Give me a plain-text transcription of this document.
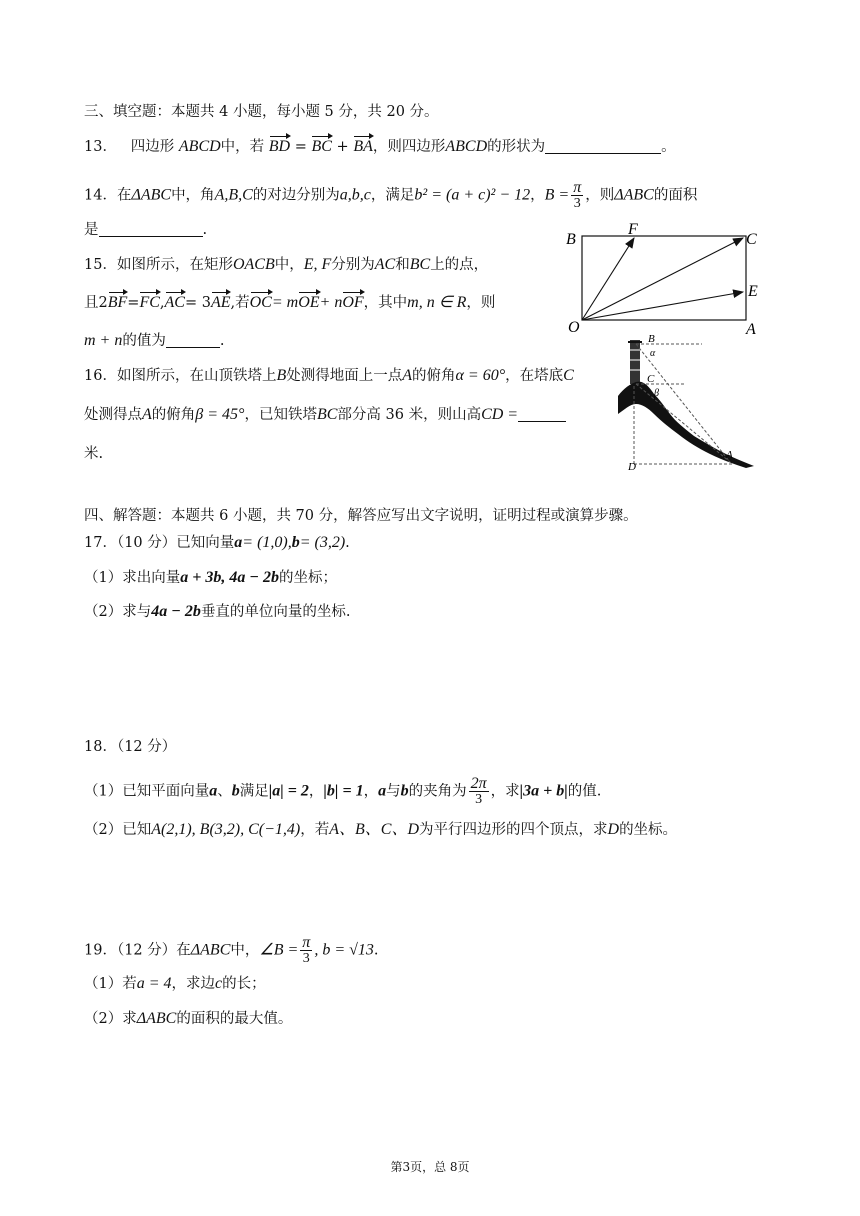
三、填空题：本题共 4 小题，每小题 5 分，共 20 分。
13． 四边形 ABCD中，若 BD = BC + BA，则四边形ABCD的形状为	。
14．在ΔABC中，角A,B,C的对边分别为a,b,c，满足b² = (a + c)² − 12，$B = \frac{\pi}{3}$ ，则ΔABC的面积
是	.
15．如图所示，在矩形OACB中，E, F分别为AC和BC上的点，
且2BF=FC,AC= 3AE,若OC= mOE+ nOF，其中m, n ∈ R，则
m + n的值为	.
B
F
C
E
O	A
16．如图所示，在山顶铁塔上B处测得地面上一点A的俯角α = 60°，在塔底C
处测得点A的俯角β = 45°，已知铁塔BC部分高 36 米，则山高CD =
米.
B
α
C
β
D
A
四、解答题：本题共 6 小题，共 70 分，解答应写出文字说明，证明过程或演算步骤。
17．（10 分）已知向量a= (1,0),b= (3,2).
（1）求出向量a + 3b, 4a − 2b的坐标；
（2）求与4a − 2b垂直的单位向量的坐标.
18．（12 分）
（1）已知平面向量a、b满足|a| = 2，|b| = 1，a与b的夹角为 $\frac{2\pi}{3}$ ，求|3a + b|的值.
（2）已知A(2,1), B(3,2), C(−1,4)，若A、B、C、D为平行四边形的四个顶点，求D的坐标。
19．（12 分）在ΔABC中，∠B = $\frac{\pi}{3}$ , b = √13.
（1）若a = 4，求边c的长；
（2）求ΔABC的面积的最大值。
第3页，总 8页
